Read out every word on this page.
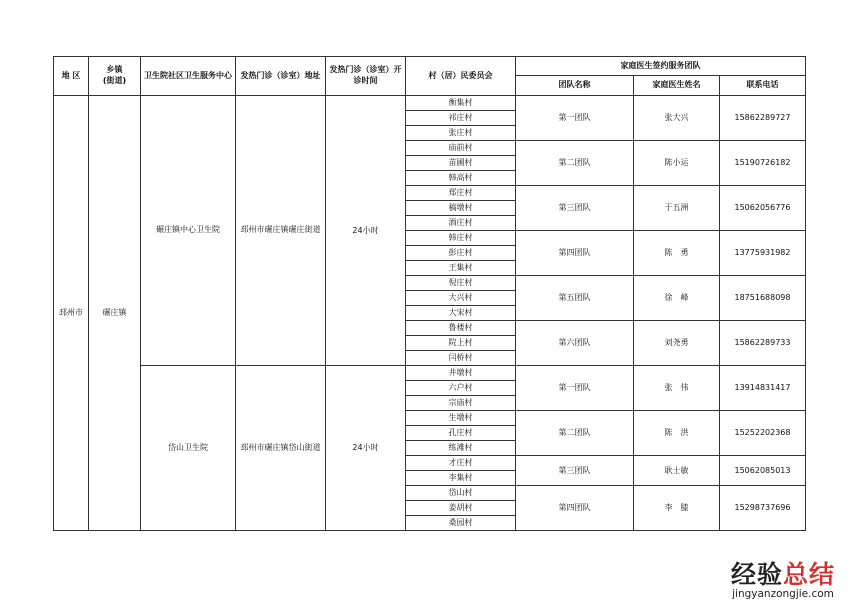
地 区	乡镇
(街道)	卫生院社区卫生服务中心	发热门诊（诊室）地址	发热门诊（诊室）开诊时间	村（居）民委员会	家庭医生签约服务团队		
						团队名称	家庭医生姓名	联系电话
邳州市	碾庄镇	碾庄镇中心卫生院	邳州市碾庄镇碾庄街道	24小时	衡集村	第一团队	张大兴	15862289727
					祁庄村			
					张庄村			
					庙前村	第二团队	陈小运	15190726182
					苗圃村			
					韩高村			
					郑庄村	第三团队	于五洲	15062056776
					稿墩村			
					酒庄村			
					韩庄村	第四团队	陈　勇	13775931982
					彭庄村			
					王集村			
					倪庄村	第五团队	徐　峰	18751688098
					大兴村			
					大宋村			
					鲁楼村	第六团队	刘尧勇	15862289733
					院上村			
					闫桥村			
		岱山卫生院	邳州市碾庄镇岱山街道	24小时	井墩村	第一团队	张　伟	13914831417
					六户村			
					宗庙村			
					生墩村	第二团队	陈　洪	15252202368
					孔庄村			
					练滩村			
					才庄村	第三团队	耿士敏	15062085013
					李集村			
					岱山村	第四团队	李　膝	15298737696
					姜胡村			
					桑园村			
经验总结
jingyanzongjie.com
